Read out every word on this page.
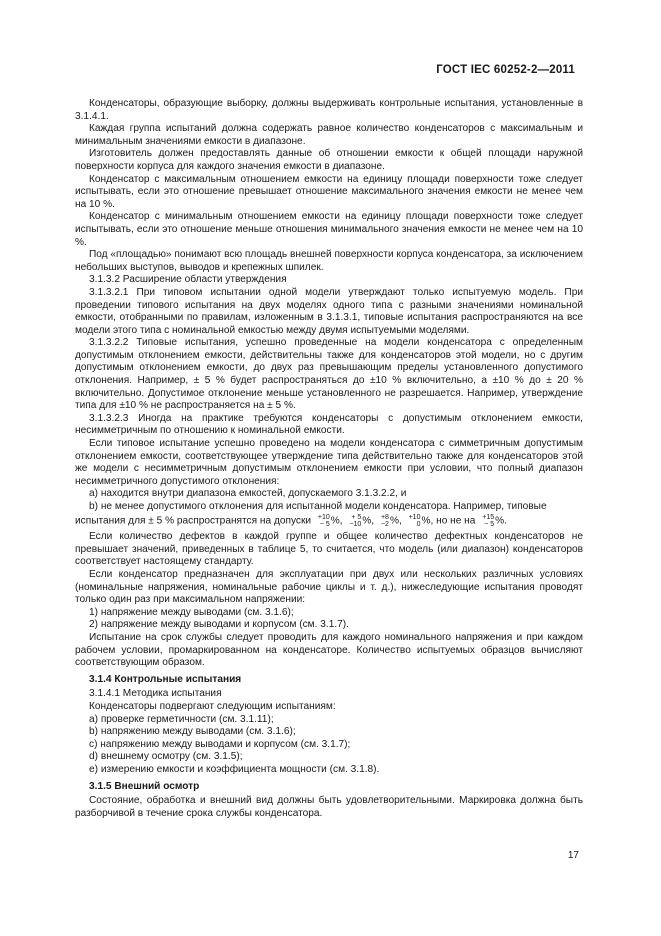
ГОСТ IEC 60252-2—2011

Конденсаторы, образующие выборку, должны выдерживать контрольные испытания, установленные в 3.1.4.1.

Каждая группа испытаний должна содержать равное количество конденсаторов с максимальным и минимальным значениями емкости в диапазоне.

Изготовитель должен предоставлять данные об отношении емкости к общей площади наружной поверхности корпуса для каждого значения емкости в диапазоне.

Конденсатор с максимальным отношением емкости на единицу площади поверхности тоже следует испытывать, если это отношение превышает отношение максимального значения емкости не менее чем на 10 %.

Конденсатор с минимальным отношением емкости на единицу площади поверхности тоже следует испытывать, если это отношение меньше отношения минимального значения емкости не менее чем на 10 %.

Под «площадью» понимают всю площадь внешней поверхности корпуса конденсатора, за исключением небольших выступов, выводов и крепежных шпилек.

3.1.3.2 Расширение области утверждения

3.1.3.2.1 При типовом испытании одной модели утверждают только испытуемую модель. При проведении типового испытания на двух моделях одного типа с разными значениями номинальной емкости, отобранными по правилам, изложенным в 3.1.3.1, типовые испытания распространяются на все модели этого типа с номинальной емкостью между двумя испытуемыми моделями.

3.1.3.2.2 Типовые испытания, успешно проведенные на модели конденсатора с определенным допустимым отклонением емкости, действительны также для конденсаторов этой модели, но с другим допустимым отклонением емкости, до двух раз превышающим пределы установленного допустимого отклонения. Например, ± 5 % будет распространяться до ±10 % включительно, а ±10 % до ± 20 % включительно. Допустимое отклонение меньше установленного не разрешается. Например, утверждение типа для ±10 % не распространяется на ± 5 %.

3.1.3.2.3 Иногда на практике требуются конденсаторы с допустимым отклонением емкости, несимметричным по отношению к номинальной емкости.

Если типовое испытание успешно проведено на модели конденсатора с симметричным допустимым отклонением емкости, соответствующее утверждение типа действительно также для конденсаторов этой же модели с несимметричным допустимым отклонением емкости при условии, что полный диапазон несимметричного допустимого отклонения:

а) находится внутри диапазона емкостей, допускаемого 3.1.3.2.2, и

b) не менее допустимого отклонения для испытанной модели конденсатора. Например, типовые

испытания для ± 5 % распространятся на допуски +10
− 5 %, + 5
−10 %, +8
−2 %, +10
0 %, но не на +15
− 5 %.

Если количество дефектов в каждой группе и общее количество дефектных конденсаторов не превышает значений, приведенных в таблице 5, то считается, что модель (или диапазон) конденсаторов соответствует настоящему стандарту.

Если конденсатор предназначен для эксплуатации при двух или нескольких различных условиях (номинальные напряжения, номинальные рабочие циклы и т. д.), нижеследующие испытания проводят только один раз при максимальном напряжении:

1) напряжение между выводами (см. 3.1.6);

2) напряжение между выводами и корпусом (см. 3.1.7).

Испытание на срок службы следует проводить для каждого номинального напряжения и при каждом рабочем условии, промаркированном на конденсаторе. Количество испытуемых образцов вычисляют соответствующим образом.

3.1.4 Контрольные испытания

3.1.4.1 Методика испытания

Конденсаторы подвергают следующим испытаниям:

а) проверке герметичности (см. 3.1.11);

b) напряжению между выводами (см. 3.1.6);

с) напряжению между выводами и корпусом (см. 3.1.7);

d) внешнему осмотру (см. 3.1.5);

е) измерению емкости и коэффициента мощности (см. 3.1.8).

3.1.5 Внешний осмотр

Состояние, обработка и внешний вид должны быть удовлетворительными. Маркировка должна быть разборчивой в течение срока службы конденсатора.

17
